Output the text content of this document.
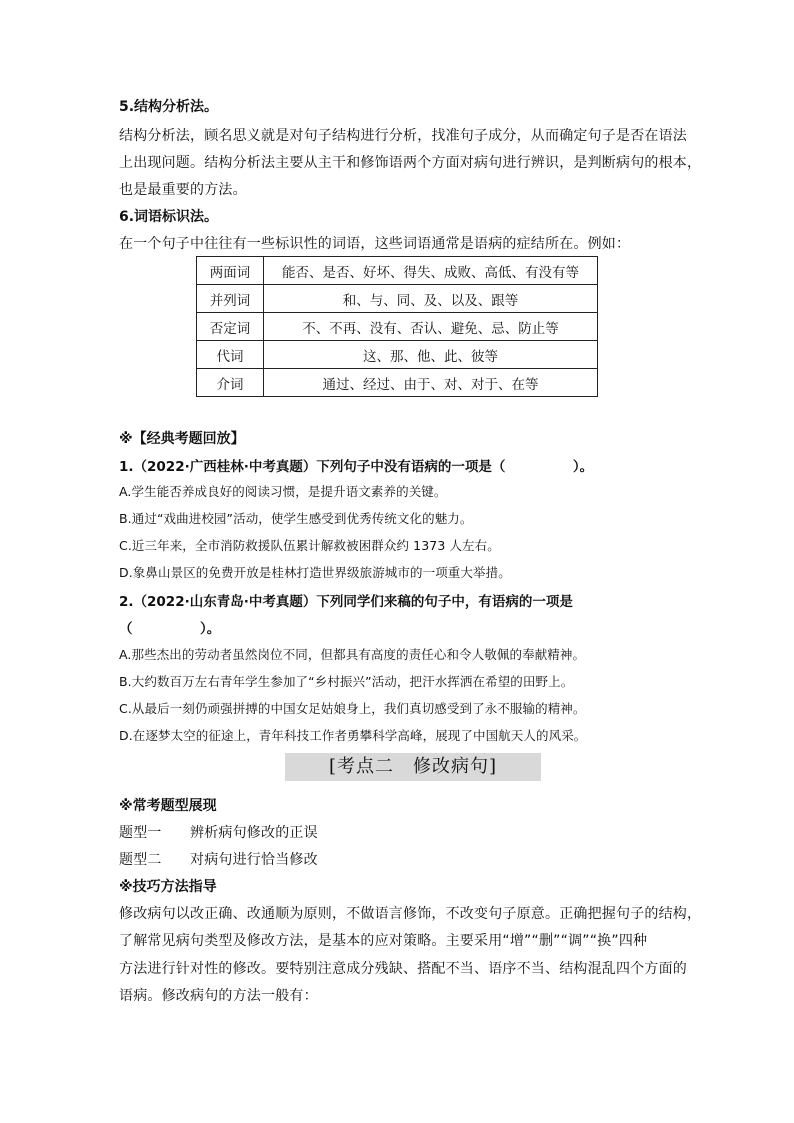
5.结构分析法。
结构分析法，顾名思义就是对句子结构进行分析，找准句子成分，从而确定句子是否在语法
上出现问题。结构分析法主要从主干和修饰语两个方面对病句进行辨识，是判断病句的根本，
也是最重要的方法。
6.词语标识法。
在一个句子中往往有一些标识性的词语，这些词语通常是语病的症结所在。例如：
两面词	能否、是否、好坏、得失、成败、高低、有没有等
并列词	和、与、同、及、以及、跟等
否定词	不、不再、没有、否认、避免、忌、防止等
代词	这、那、他、此、彼等
介词	通过、经过、由于、对、对于、在等
※【经典考题回放】
1.（2022·广西桂林·中考真题）下列句子中没有语病的一项是（　　　　　）。
A.学生能否养成良好的阅读习惯，是提升语文素养的关键。
B.通过“戏曲进校园”活动，使学生感受到优秀传统文化的魅力。
C.近三年来，全市消防救援队伍累计解救被困群众约 1373 人左右。
D.象鼻山景区的免费开放是桂林打造世界级旅游城市的一项重大举措。
2.（2022·山东青岛·中考真题）下列同学们来稿的句子中，有语病的一项是
（　　　　　）。
A.那些杰出的劳动者虽然岗位不同，但都具有高度的责任心和令人敬佩的奉献精神。
B.大约数百万左右青年学生参加了“乡村振兴”活动，把汗水挥洒在希望的田野上。
C.从最后一刻仍顽强拼搏的中国女足姑娘身上，我们真切感受到了永不服输的精神。
D.在逐梦太空的征途上，青年科技工作者勇攀科学高峰，展现了中国航天人的风采。
[考点二　修改病句]
※常考题型展现
题型一　　辨析病句修改的正误
题型二　　对病句进行恰当修改
※技巧方法指导
修改病句以改正确、改通顺为原则，不做语言修饰，不改变句子原意。正确把握句子的结构，
了解常见病句类型及修改方法，是基本的应对策略。主要采用“增”“删”“调”“换”四种
方法进行针对性的修改。要特别注意成分残缺、搭配不当、语序不当、结构混乱四个方面的
语病。修改病句的方法一般有：
